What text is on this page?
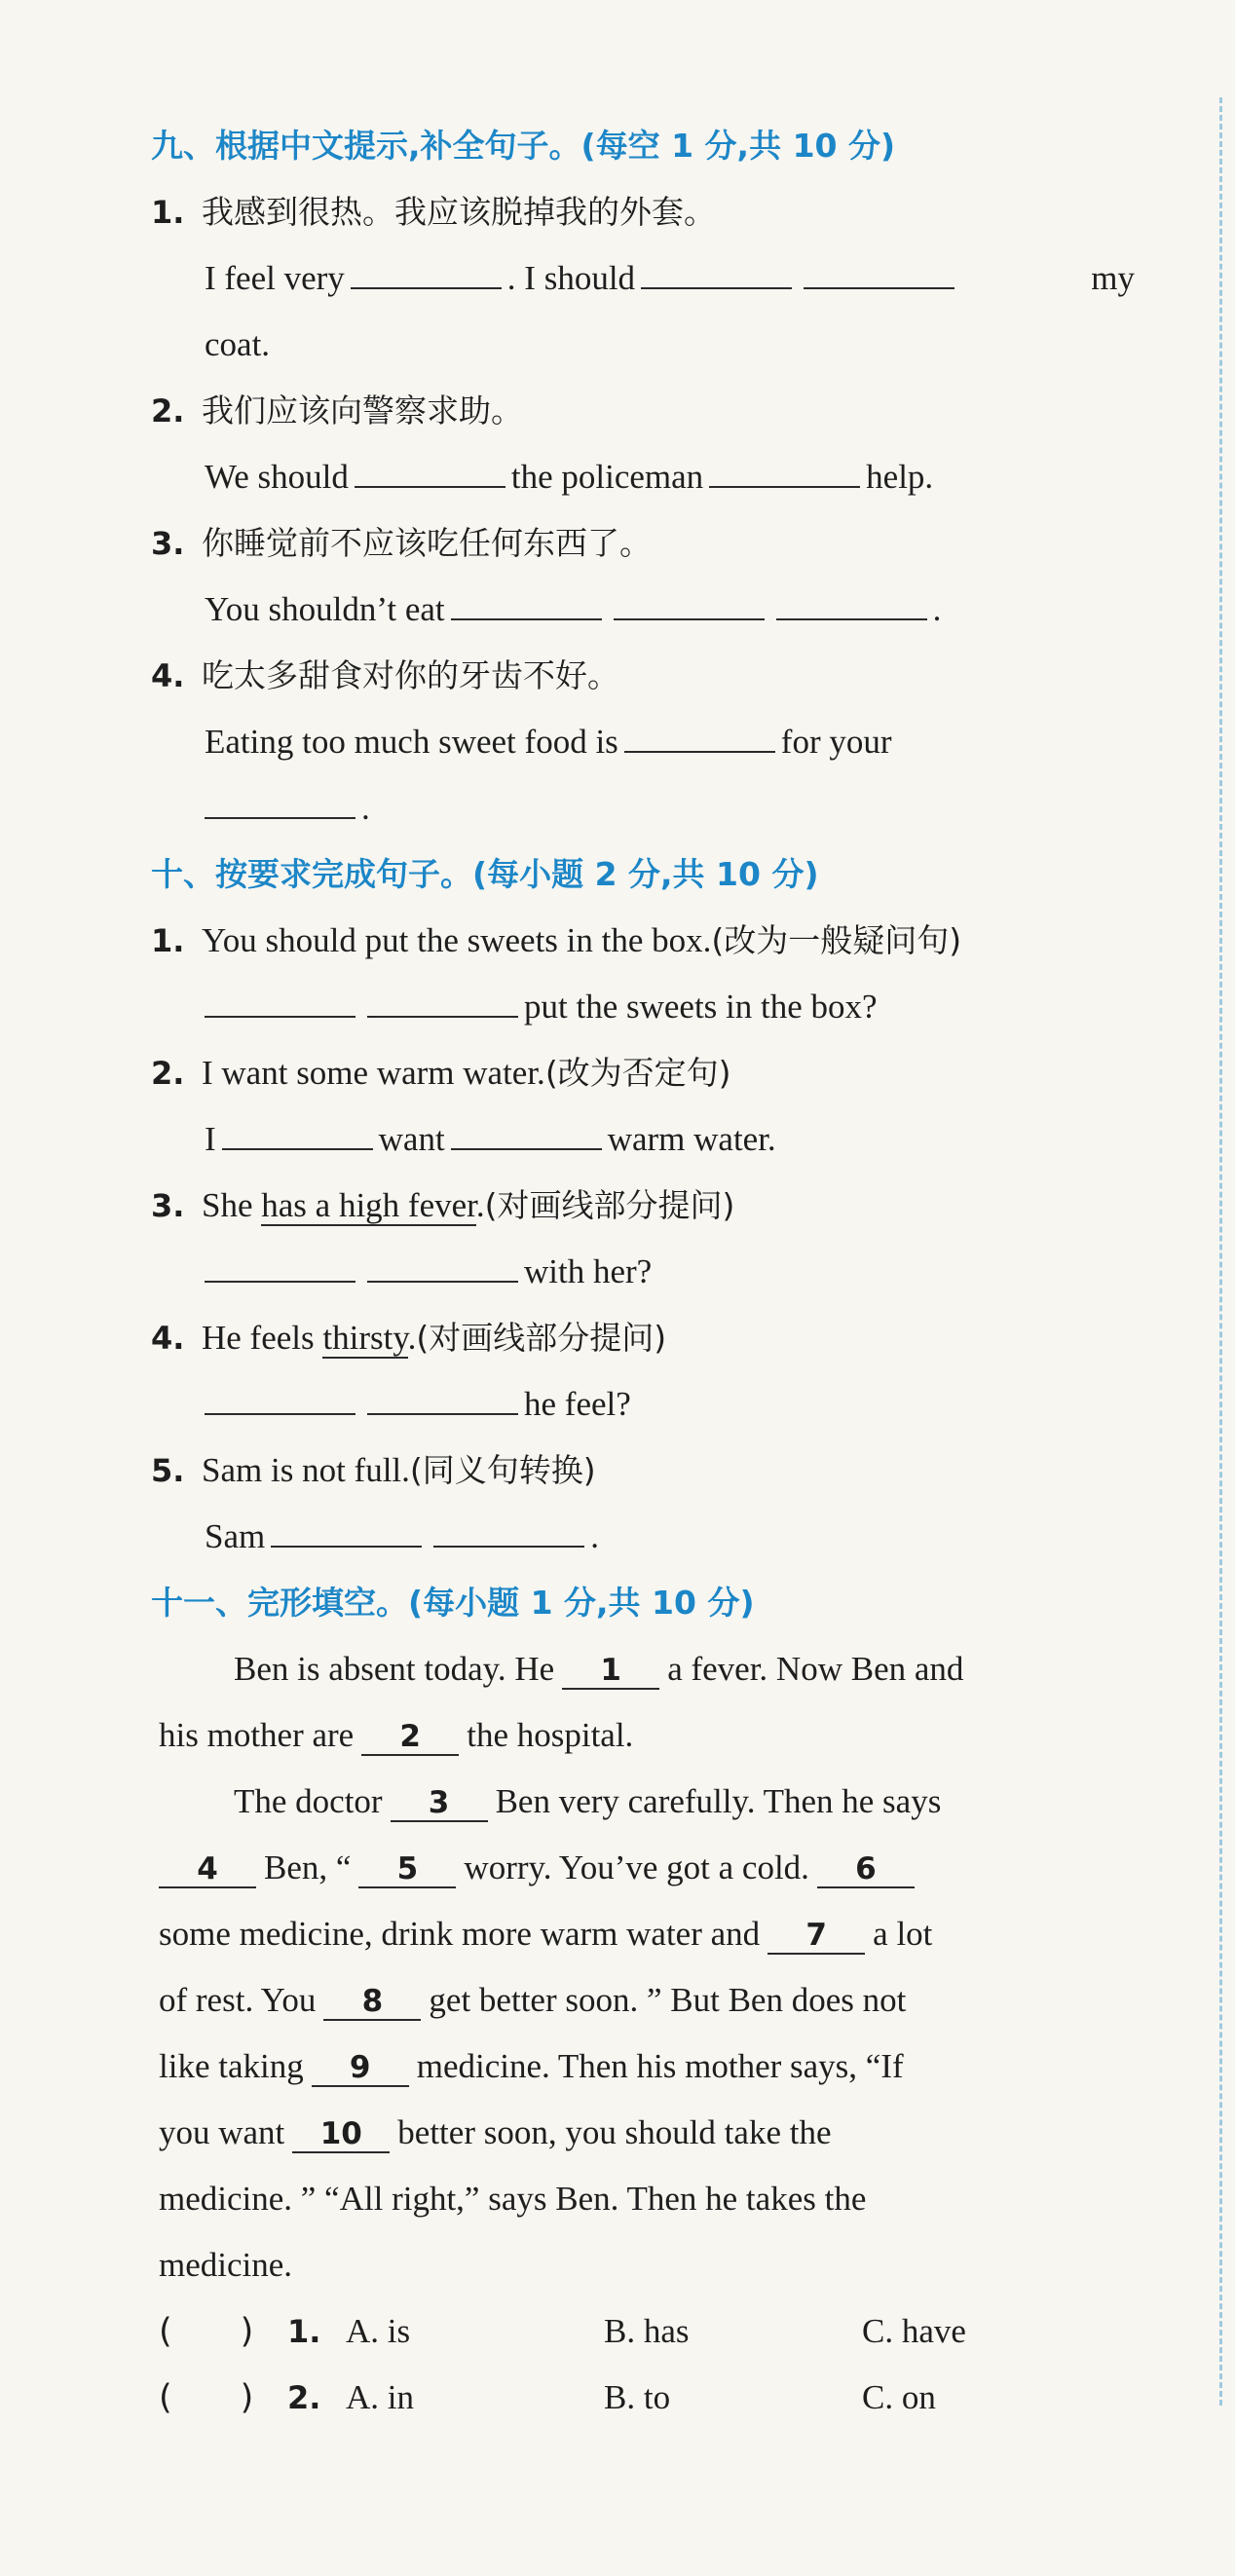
九、根据中文提示,补全句子。(每空 1 分,共 10 分)
1. 我感到很热。我应该脱掉我的外套。
I feel very	. I should	my
coat.
2. 我们应该向警察求助。
We should	the policeman	help.
3. 你睡觉前不应该吃任何东西了。
You shouldn’t eat	.
4. 吃太多甜食对你的牙齿不好。
Eating too much sweet food is	for your
.
十、按要求完成句子。(每小题 2 分,共 10 分)
1. You should put the sweets in the box.(改为一般疑问句)
put the sweets in the box?
2. I want some warm water.(改为否定句)
I	want	warm water.
3. She has a high fever.(对画线部分提问)
with her?
4. He feels thirsty.(对画线部分提问)
he feel?
5. Sam is not full.(同义句转换)
Sam	.
十一、完形填空。(每小题 1 分,共 10 分)
Ben is absent today. He 1 a fever. Now Ben and
his mother are 2 the hospital.
The doctor 3 Ben very carefully. Then he says
4 Ben, “ 5 worry. You’ve got a cold. 6
some medicine, drink more warm water and 7 a lot
of rest. You 8 get better soon. ” But Ben does not
like taking 9 medicine. Then his mother says, “If
you want 10 better soon, you should take the
medicine. ” “All right,” says Ben. Then he takes the
medicine.
( ) 1. A. is	B. has	C. have
( ) 2. A. in	B. to	C. on
